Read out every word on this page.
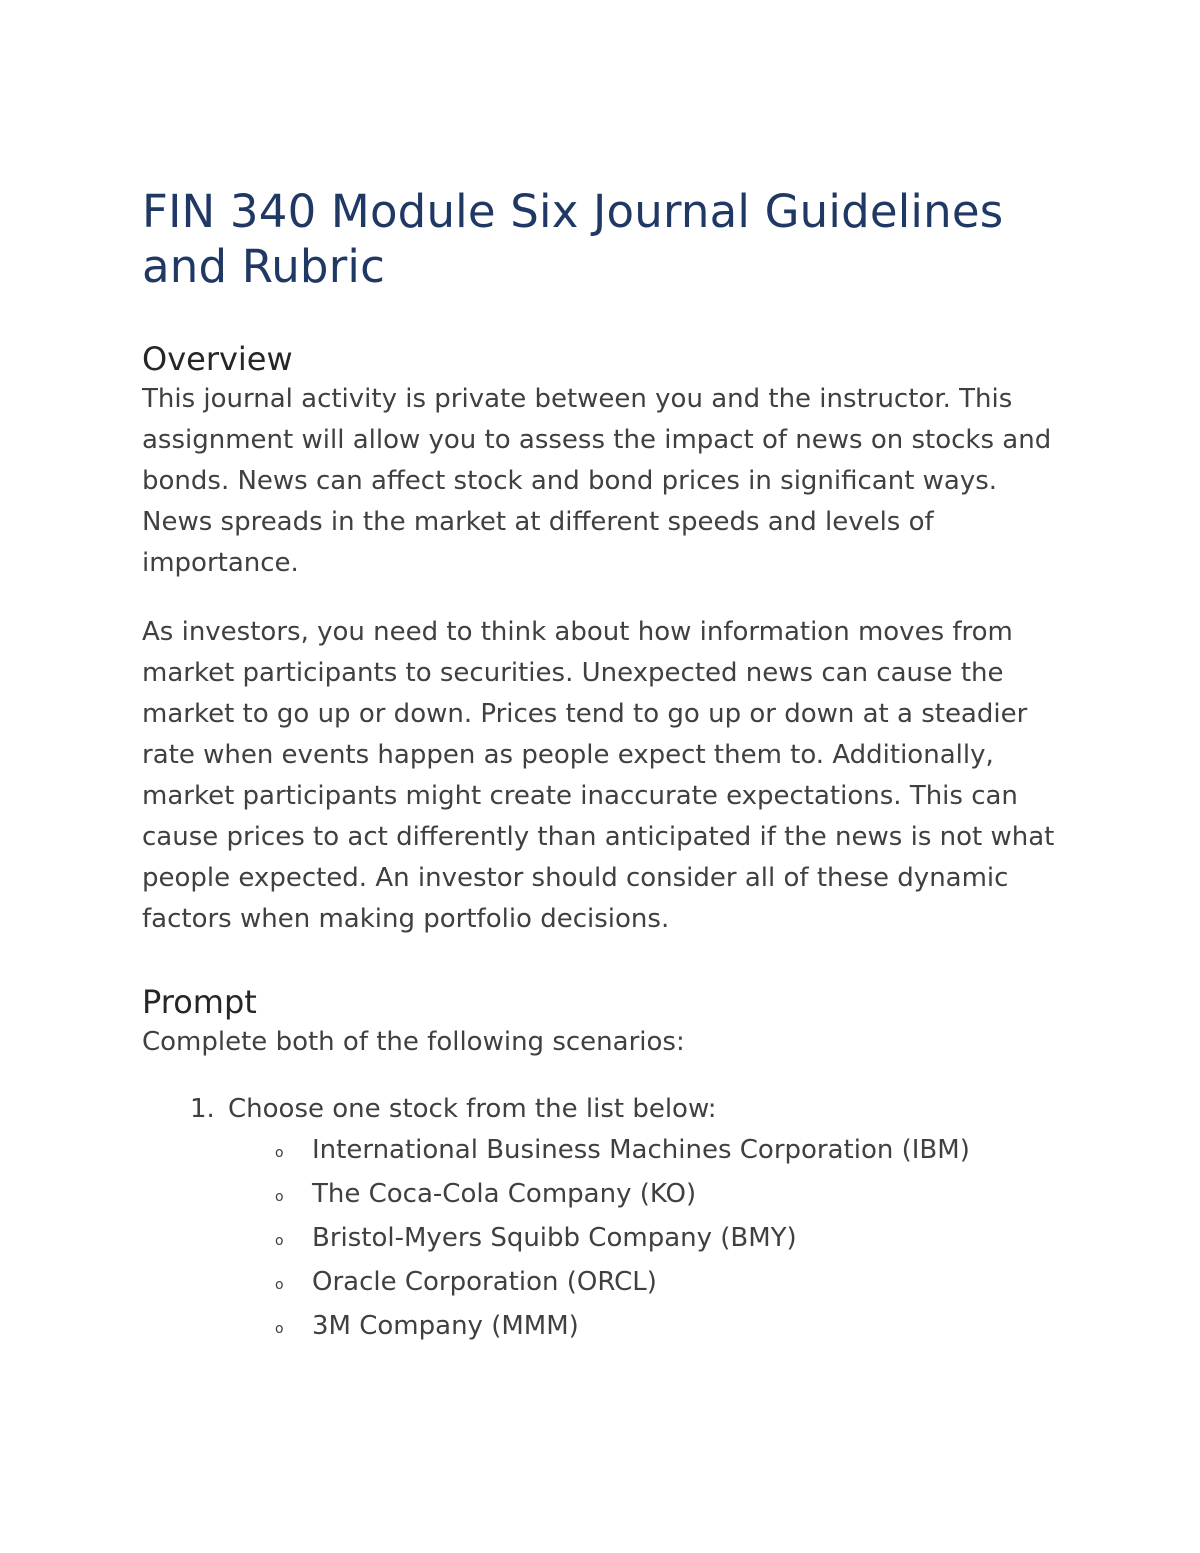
FIN 340 Module Six Journal Guidelines and Rubric
Overview

This journal activity is private between you and the instructor. This assignment will allow you to assess the impact of news on stocks and bonds. News can affect stock and bond prices in significant ways. News spreads in the market at different speeds and levels of importance.

As investors, you need to think about how information moves from market participants to securities. Unexpected news can cause the market to go up or down. Prices tend to go up or down at a steadier rate when events happen as people expect them to. Additionally, market participants might create inaccurate expectations. This can cause prices to act differently than anticipated if the news is not what people expected. An investor should consider all of these dynamic factors when making portfolio decisions.

Prompt

Complete both of the following scenarios:

1. Choose one stock from the list below:
o International Business Machines Corporation (IBM)
o The Coca-Cola Company (KO)
o Bristol-Myers Squibb Company (BMY)
o Oracle Corporation (ORCL)
o 3M Company (MMM)
